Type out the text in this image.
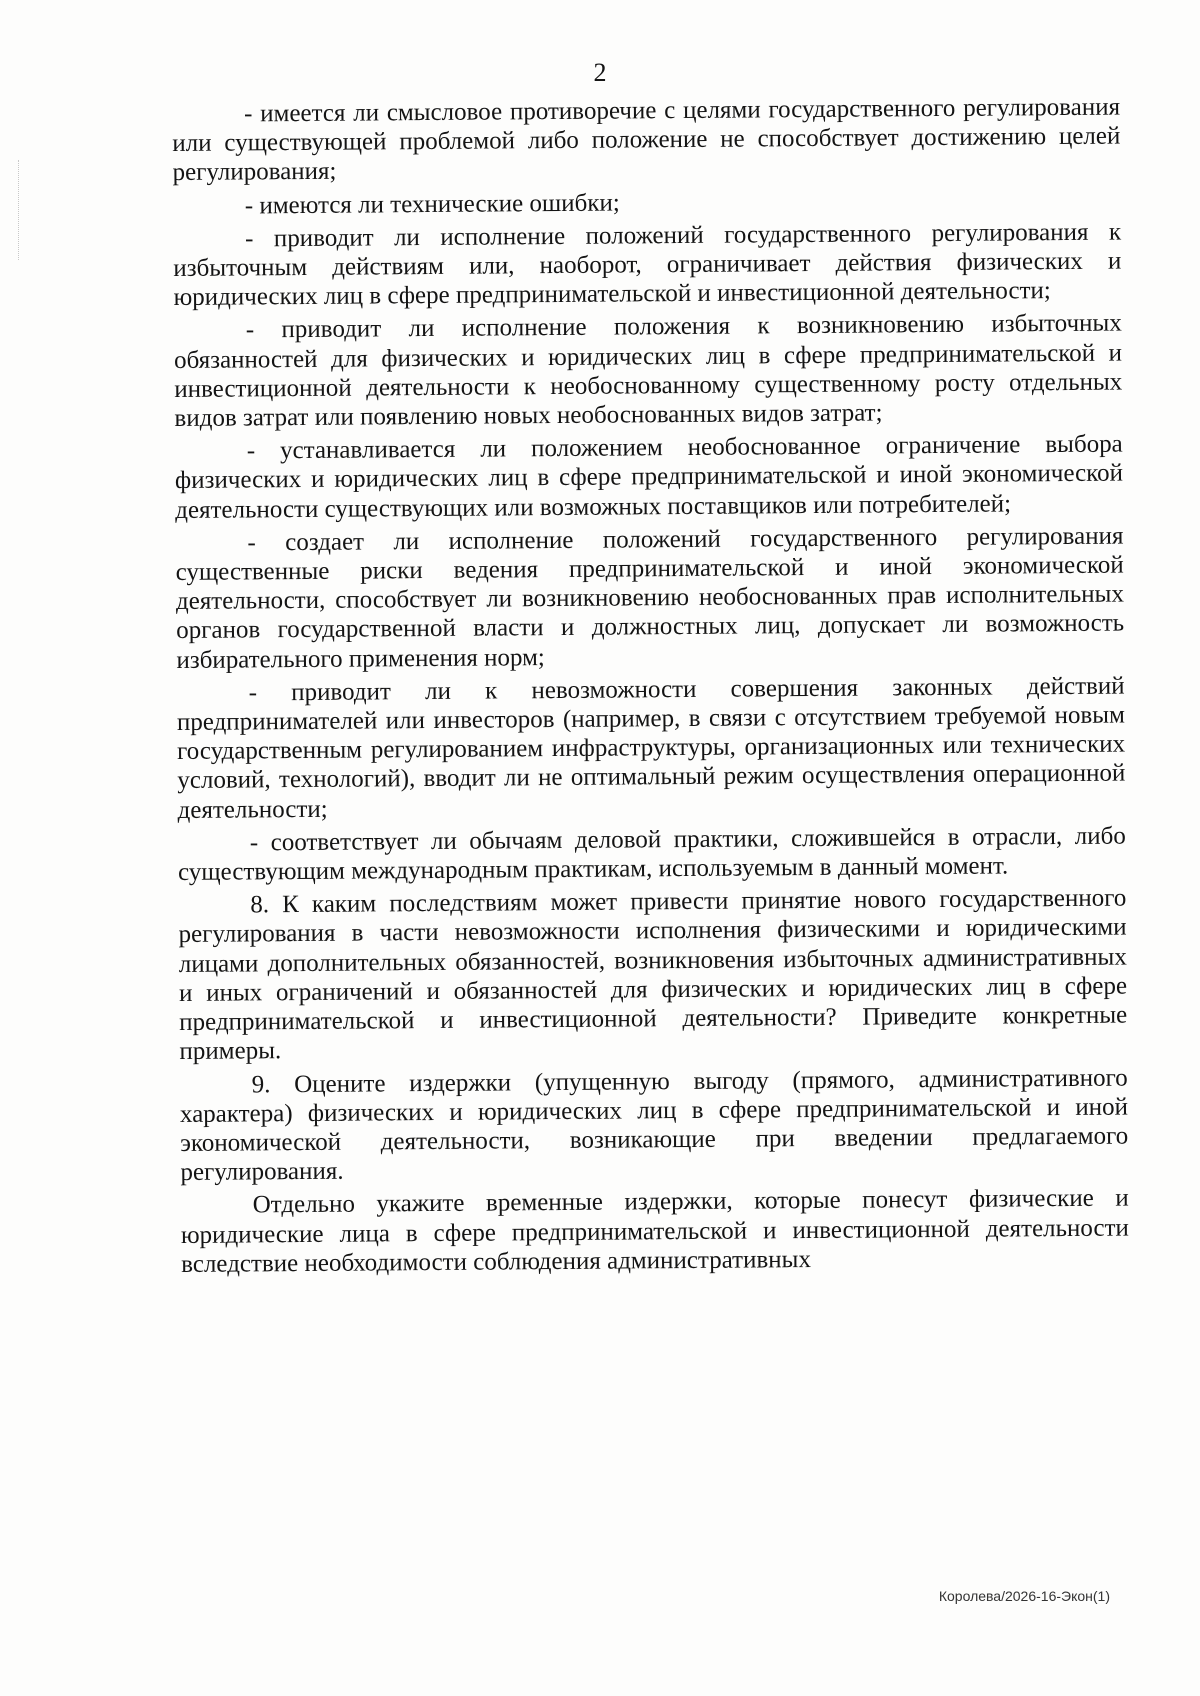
2

- имеется ли смысловое противоречие с целями государственного регулирования или существующей проблемой либо положение не способствует достижению целей регулирования;

- имеются ли технические ошибки;

- приводит ли исполнение положений государственного регулирования к избыточным действиям или, наоборот, ограничивает действия физических и юридических лиц в сфере предпринимательской и инвестиционной деятельности;

- приводит ли исполнение положения к возникновению избыточных обязанностей для физических и юридических лиц в сфере предпринимательской и инвестиционной деятельности к необоснованному существенному росту отдельных видов затрат или появлению новых необоснованных видов затрат;

- устанавливается ли положением необоснованное ограничение выбора физических и юридических лиц в сфере предпринимательской и иной экономической деятельности существующих или возможных поставщиков или потребителей;

- создает ли исполнение положений государственного регулирования существенные риски ведения предпринимательской и иной экономической деятельности, способствует ли возникновению необоснованных прав исполнительных органов государственной власти и должностных лиц, допускает ли возможность избирательного применения норм;

- приводит ли к невозможности совершения законных действий предпринимателей или инвесторов (например, в связи с отсутствием требуемой новым государственным регулированием инфраструктуры, организационных или технических условий, технологий), вводит ли не оптимальный режим осуществления операционной деятельности;

- соответствует ли обычаям деловой практики, сложившейся в отрасли, либо существующим международным практикам, используемым в данный момент.

8. К каким последствиям может привести принятие нового государственного регулирования в части невозможности исполнения физическими и юридическими лицами дополнительных обязанностей, возникновения избыточных административных и иных ограничений и обязанностей для физических и юридических лиц в сфере предпринимательской и инвестиционной деятельности? Приведите конкретные примеры.

9. Оцените издержки (упущенную выгоду (прямого, административного характера) физических и юридических лиц в сфере предпринимательской и иной экономической деятельности, возникающие при введении предлагаемого регулирования.

Отдельно укажите временные издержки, которые понесут физические и юридические лица в сфере предпринимательской и инвестиционной деятельности вследствие необходимости соблюдения административных

Королева/2026-16-Экон(1)
